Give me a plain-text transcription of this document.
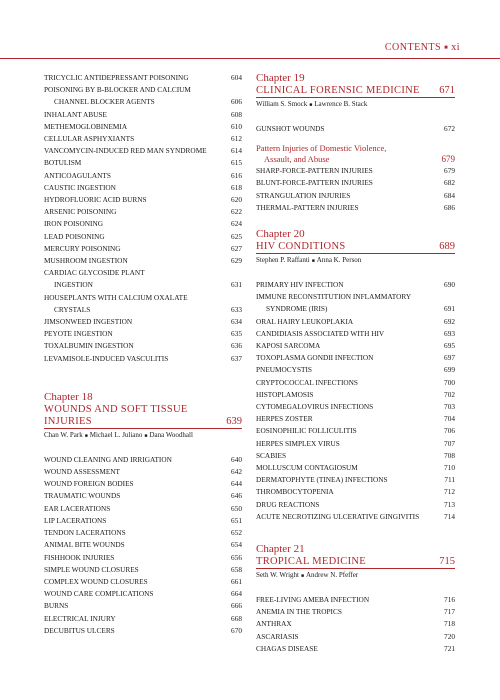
CONTENTS ■ xi
TRICYCLIC ANTIDEPRESSANT POISONING	604
POISONING BY Β-BLOCKER AND CALCIUM
CHANNEL BLOCKER AGENTS	606
INHALANT ABUSE	608
METHEMOGLOBINEMIA	610
CELLULAR ASPHYXIANTS	612
VANCOMYCIN-INDUCED RED MAN SYNDROME	614
BOTULISM	615
ANTICOAGULANTS	616
CAUSTIC INGESTION	618
HYDROFLUORIC ACID BURNS	620
ARSENIC POISONING	622
IRON POISONING	624
LEAD POISONING	625
MERCURY POISONING	627
MUSHROOM INGESTION	629
CARDIAC GLYCOSIDE PLANT
INGESTION	631
HOUSEPLANTS WITH CALCIUM OXALATE
CRYSTALS	633
JIMSONWEED INGESTION	634
PEYOTE INGESTION	635
TOXALBUMIN INGESTION	636
LEVAMISOLE-INDUCED VASCULITIS	637
Chapter 18
WOUNDS AND SOFT TISSUE
INJURIES	639
Chan W. Park ■ Michael L. Juliano ■ Dana Woodhall
WOUND CLEANING AND IRRIGATION	640
WOUND ASSESSMENT	642
WOUND FOREIGN BODIES	644
TRAUMATIC WOUNDS	646
EAR LACERATIONS	650
LIP LACERATIONS	651
TENDON LACERATIONS	652
ANIMAL BITE WOUNDS	654
FISHHOOK INJURIES	656
SIMPLE WOUND CLOSURES	658
COMPLEX WOUND CLOSURES	661
WOUND CARE COMPLICATIONS	664
BURNS	666
ELECTRICAL INJURY	668
DECUBITUS ULCERS	670
Chapter 19
CLINICAL FORENSIC MEDICINE 671
William S. Smock ■ Lawrence B. Stack
GUNSHOT WOUNDS	672
Pattern Injuries of Domestic Violence,
Assault, and Abuse	679
SHARP-FORCE-PATTERN INJURIES	679
BLUNT-FORCE-PATTERN INJURIES	682
STRANGULATION INJURIES	684
THERMAL-PATTERN INJURIES	686
Chapter 20
HIV CONDITIONS	689
Stephen P. Raffanti ■ Anna K. Person
PRIMARY HIV INFECTION	690
IMMUNE RECONSTITUTION INFLAMMATORY
SYNDROME (IRIS)	691
ORAL HAIRY LEUKOPLAKIA	692
CANDIDIASIS ASSOCIATED WITH HIV	693
KAPOSI SARCOMA	695
TOXOPLASMA GONDII INFECTION	697
PNEUMOCYSTIS	699
CRYPTOCOCCAL INFECTIONS	700
HISTOPLAMOSIS	702
CYTOMEGALOVIRUS INFECTIONS	703
HERPES ZOSTER	704
EOSINOPHILIC FOLLICULITIS	706
HERPES SIMPLEX VIRUS	707
SCABIES	708
MOLLUSCUM CONTAGIOSUM	710
DERMATOPHYTE (TINEA) INFECTIONS	711
THROMBOCYTOPENIA	712
DRUG REACTIONS	713
ACUTE NECROTIZING ULCERATIVE GINGIVITIS	714
Chapter 21
TROPICAL MEDICINE	715
Seth W. Wright ■ Andrew N. Pfeffer
FREE-LIVING AMEBA INFECTION	716
ANEMIA IN THE TROPICS	717
ANTHRAX	718
ASCARIASIS	720
CHAGAS DISEASE	721
